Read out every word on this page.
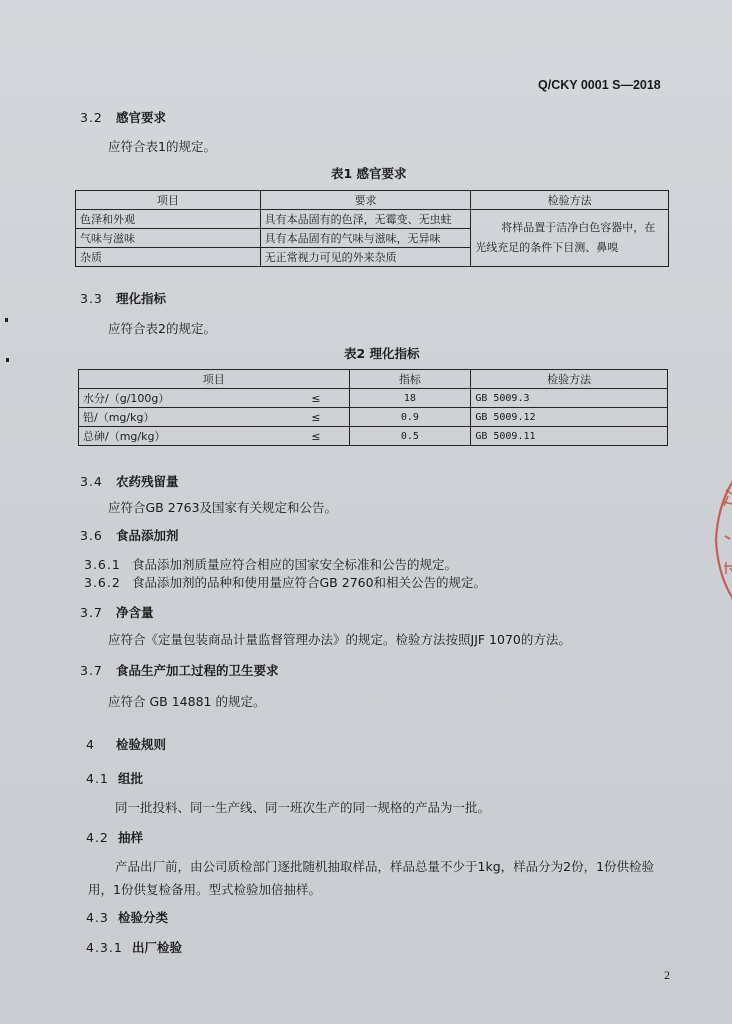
Q/CKY 0001 S—2018
3.2 感官要求
应符合表1的规定。
表1 感官要求
项目	要求	检验方法
色泽和外观	具有本品固有的色泽，无霉变、无虫蛀	将样品置于洁净白色容器中，在
光线充足的条件下目测、鼻嗅

气味与滋味	具有本品固有的气味与滋味，无异味	
杂质	无正常视力可见的外来杂质	
3.3 理化指标
应符合表2的规定。
表2 理化指标
项目		指标	检验方法
水分/（g/100g）	≤	18	GB 5009.3
铅/（mg/kg）	≤	0.9	GB 5009.12
总砷/（mg/kg）	≤	0.5	GB 5009.11
3.4 农药残留量
应符合GB 2763及国家有关规定和公告。
3.6 食品添加剂
3.6.1 食品添加剂质量应符合相应的国家安全标准和公告的规定。
3.6.2 食品添加剂的品种和使用量应符合GB 2760和相关公告的规定。
3.7 净含量
应符合《定量包装商品计量监督管理办法》的规定。检验方法按照JJF 1070的方法。
3.7 食品生产加工过程的卫生要求
应符合 GB 14881 的规定。
4 检验规则
4.1 组批
同一批投料、同一生产线、同一班次生产的同一规格的产品为一批。
4.2 抽样
产品出厂前，由公司质检部门逐批随机抽取样品，样品总量不少于1kg，样品分为2份，1份供检验
用，1份供复检备用。型式检验加倍抽样。
4.3 检验分类
4.3.1 出厂检验
2
